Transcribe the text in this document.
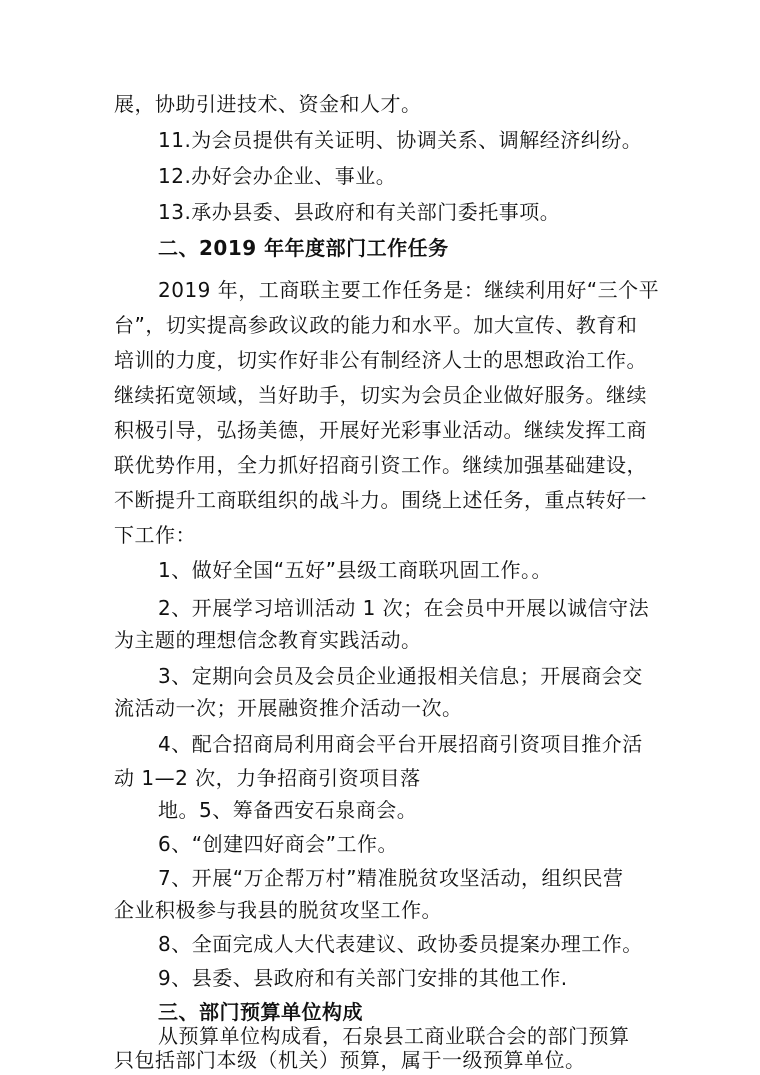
展，协助引进技术、资金和人才。
11.为会员提供有关证明、协调关系、调解经济纠纷。
12.办好会办企业、事业。
13.承办县委、县政府和有关部门委托事项。
二、2019 年年度部门工作任务
2019 年，工商联主要工作任务是：继续利用好“三个平
台”，切实提高参政议政的能力和水平。加大宣传、教育和
培训的力度，切实作好非公有制经济人士的思想政治工作。
继续拓宽领域，当好助手，切实为会员企业做好服务。继续
积极引导，弘扬美德，开展好光彩事业活动。继续发挥工商
联优势作用，全力抓好招商引资工作。继续加强基础建设，
不断提升工商联组织的战斗力。围绕上述任务，重点转好一
下工作：
1、做好全国“五好”县级工商联巩固工作。。
2、开展学习培训活动 1 次；在会员中开展以诚信守法
为主题的理想信念教育实践活动。
3、定期向会员及会员企业通报相关信息；开展商会交
流活动一次；开展融资推介活动一次。
4、配合招商局利用商会平台开展招商引资项目推介活
动 1—2 次，力争招商引资项目落
地。5、筹备西安石泉商会。
6、“创建四好商会”工作。
7、开展“万企帮万村”精准脱贫攻坚活动，组织民营
企业积极参与我县的脱贫攻坚工作。
8、全面完成人大代表建议、政协委员提案办理工作。
9、县委、县政府和有关部门安排的其他工作.
三、部门预算单位构成
从预算单位构成看，石泉县工商业联合会的部门预算
只包括部门本级（机关）预算，属于一级预算单位。
